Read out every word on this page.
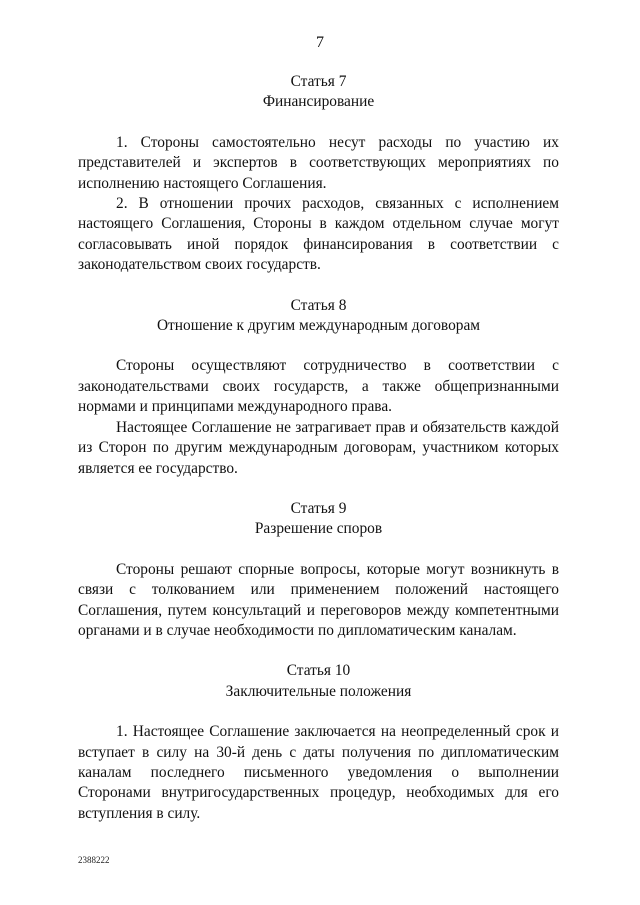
7
Статья 7
Финансирование

1. Стороны самостоятельно несут расходы по участию их представителей и экспертов в соответствующих мероприятиях по исполнению настоящего Соглашения.

2. В отношении прочих расходов, связанных с исполнением настоящего Соглашения, Стороны в каждом отдельном случае могут согласовывать иной порядок финансирования в соответствии с законодательством своих государств.

Статья 8
Отношение к другим международным договорам

Стороны осуществляют сотрудничество в соответствии с законодательствами своих государств, а также общепризнанными нормами и принципами международного права.

Настоящее Соглашение не затрагивает прав и обязательств каждой из Сторон по другим международным договорам, участником которых является ее государство.

Статья 9
Разрешение споров

Стороны решают спорные вопросы, которые могут возникнуть в связи с толкованием или применением положений настоящего Соглашения, путем консультаций и переговоров между компетентными органами и в случае необходимости по дипломатическим каналам.

Статья 10
Заключительные положения

1. Настоящее Соглашение заключается на неопределенный срок и вступает в силу на 30-й день с даты получения по дипломатическим каналам последнего письменного уведомления о выполнении Сторонами внутригосударственных процедур, необходимых для его вступления в силу.

2388222
